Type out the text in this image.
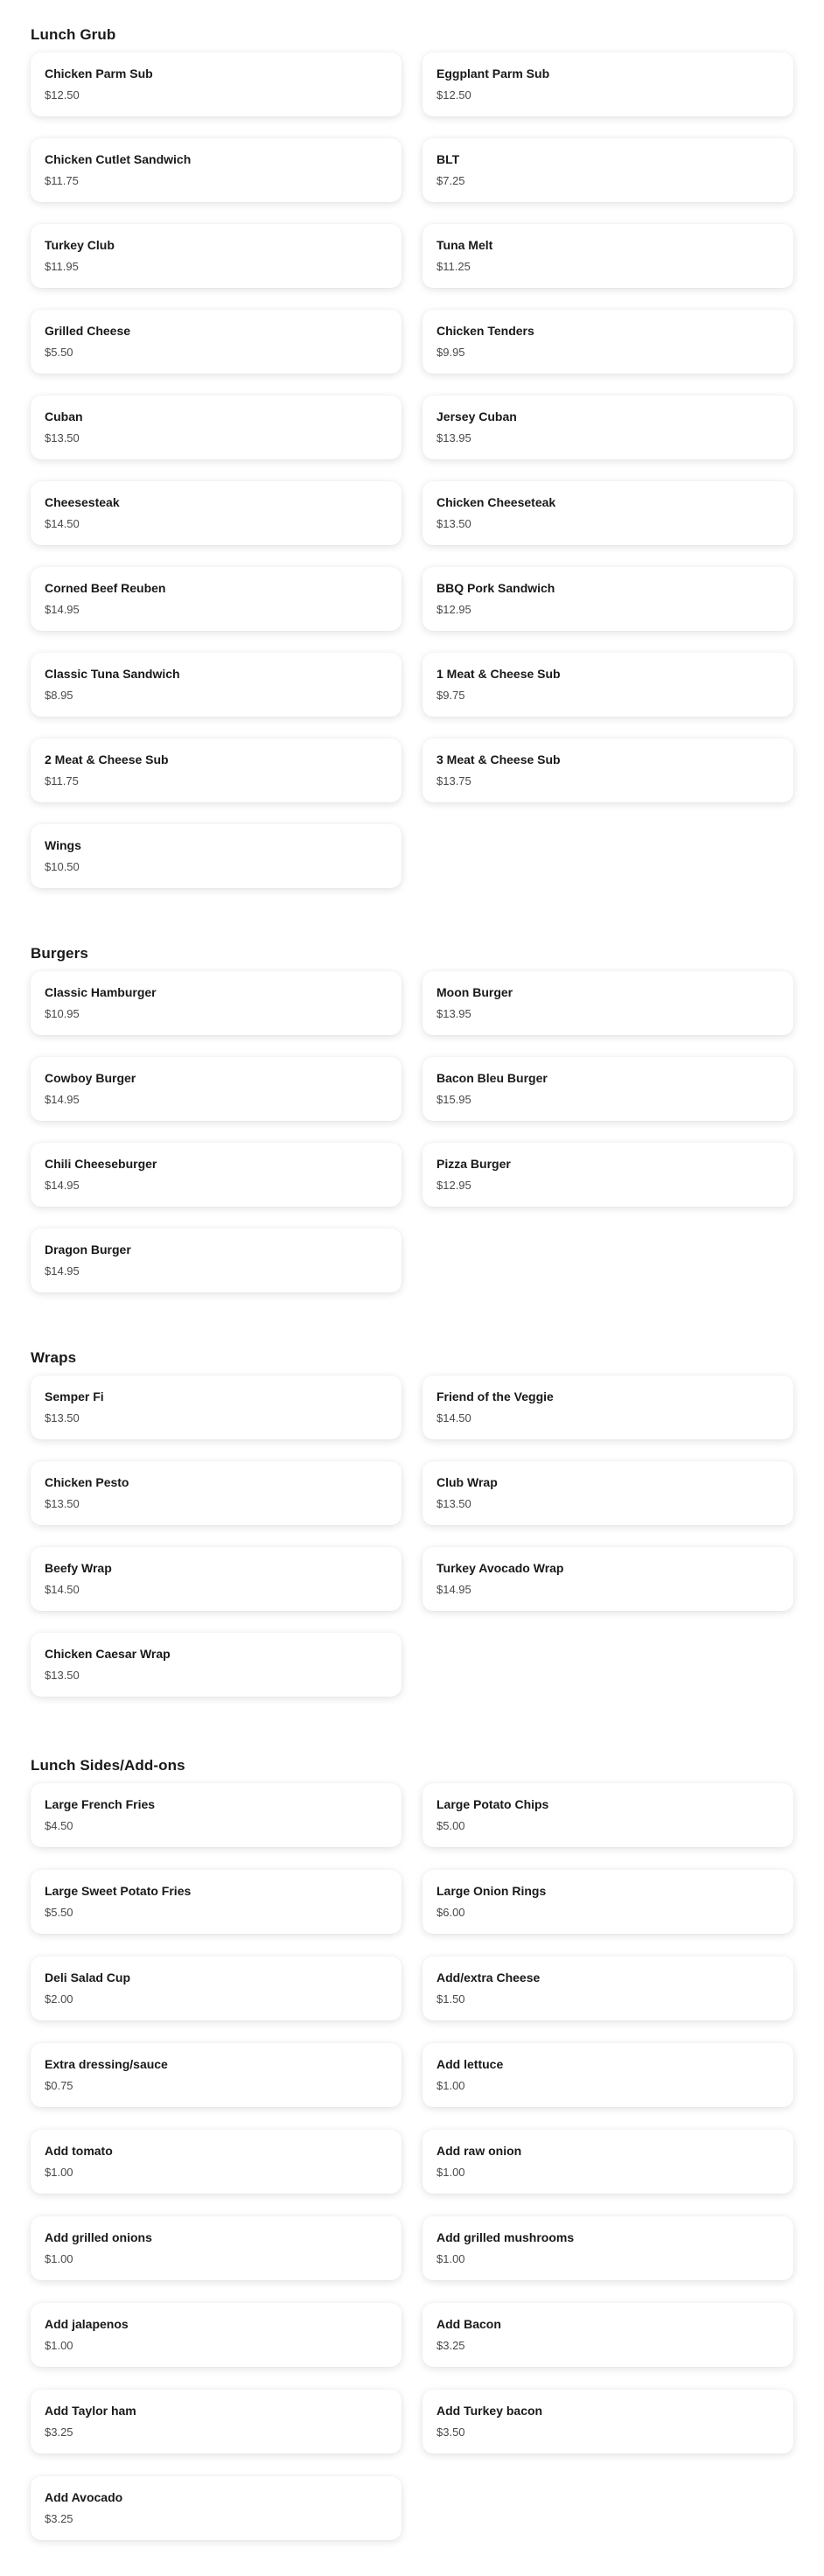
Lunch Grub
Chicken Parm Sub
$12.50
Eggplant Parm Sub
$12.50
Chicken Cutlet Sandwich
$11.75
BLT
$7.25
Turkey Club
$11.95
Tuna Melt
$11.25
Grilled Cheese
$5.50
Chicken Tenders
$9.95
Cuban
$13.50
Jersey Cuban
$13.95
Cheesesteak
$14.50
Chicken Cheeseteak
$13.50
Corned Beef Reuben
$14.95
BBQ Pork Sandwich
$12.95
Classic Tuna Sandwich
$8.95
1 Meat & Cheese Sub
$9.75
2 Meat & Cheese Sub
$11.75
3 Meat & Cheese Sub
$13.75
Wings
$10.50
Burgers
Classic Hamburger
$10.95
Moon Burger
$13.95
Cowboy Burger
$14.95
Bacon Bleu Burger
$15.95
Chili Cheeseburger
$14.95
Pizza Burger
$12.95
Dragon Burger
$14.95
Wraps
Semper Fi
$13.50
Friend of the Veggie
$14.50
Chicken Pesto
$13.50
Club Wrap
$13.50
Beefy Wrap
$14.50
Turkey Avocado Wrap
$14.95
Chicken Caesar Wrap
$13.50
Lunch Sides/Add-ons
Large French Fries
$4.50
Large Potato Chips
$5.00
Large Sweet Potato Fries
$5.50
Large Onion Rings
$6.00
Deli Salad Cup
$2.00
Add/extra Cheese
$1.50
Extra dressing/sauce
$0.75
Add lettuce
$1.00
Add tomato
$1.00
Add raw onion
$1.00
Add grilled onions
$1.00
Add grilled mushrooms
$1.00
Add jalapenos
$1.00
Add Bacon
$3.25
Add Taylor ham
$3.25
Add Turkey bacon
$3.50
Add Avocado
$3.25
